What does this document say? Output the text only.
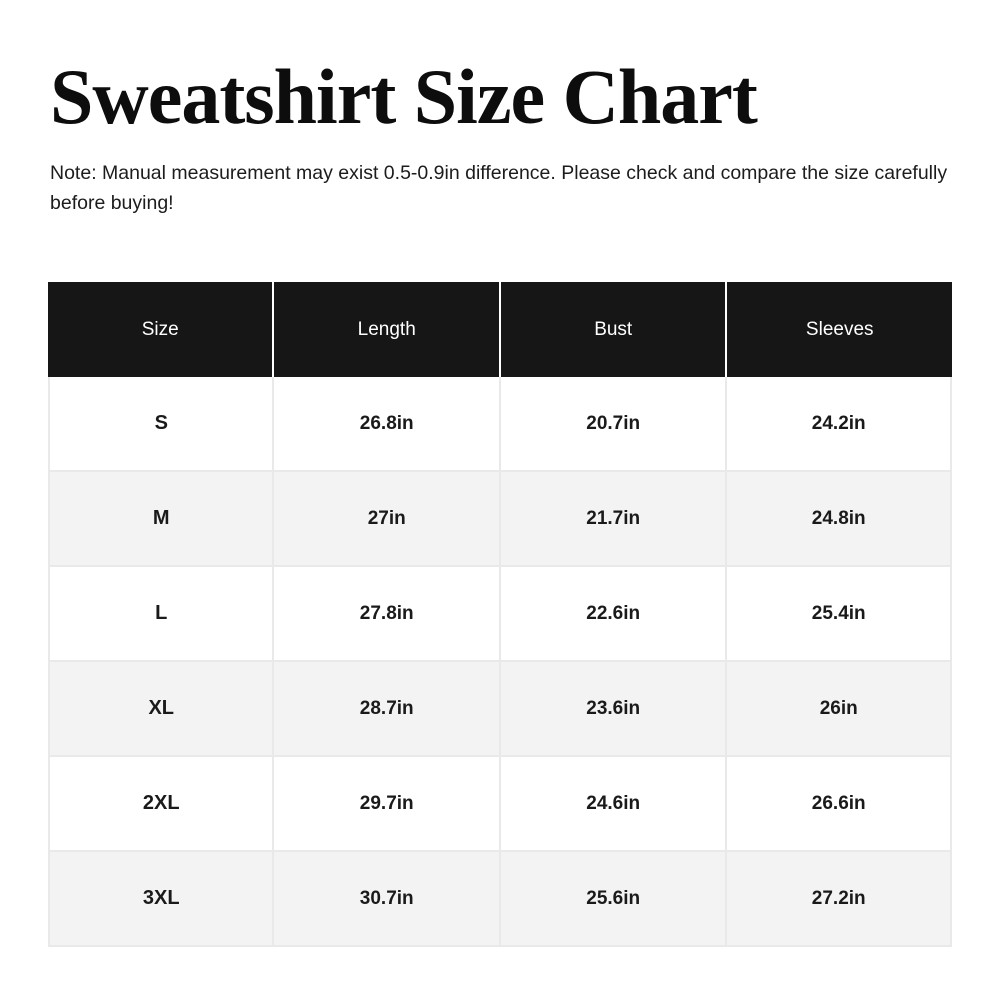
Sweatshirt Size Chart

Note: Manual measurement may exist 0.5-0.9in difference. Please check and compare the size carefully before buying!

Size	Length	Bust	Sleeves
S	26.8in	20.7in	24.2in
M	27in	21.7in	24.8in
L	27.8in	22.6in	25.4in
XL	28.7in	23.6in	26in
2XL	29.7in	24.6in	26.6in
3XL	30.7in	25.6in	27.2in
